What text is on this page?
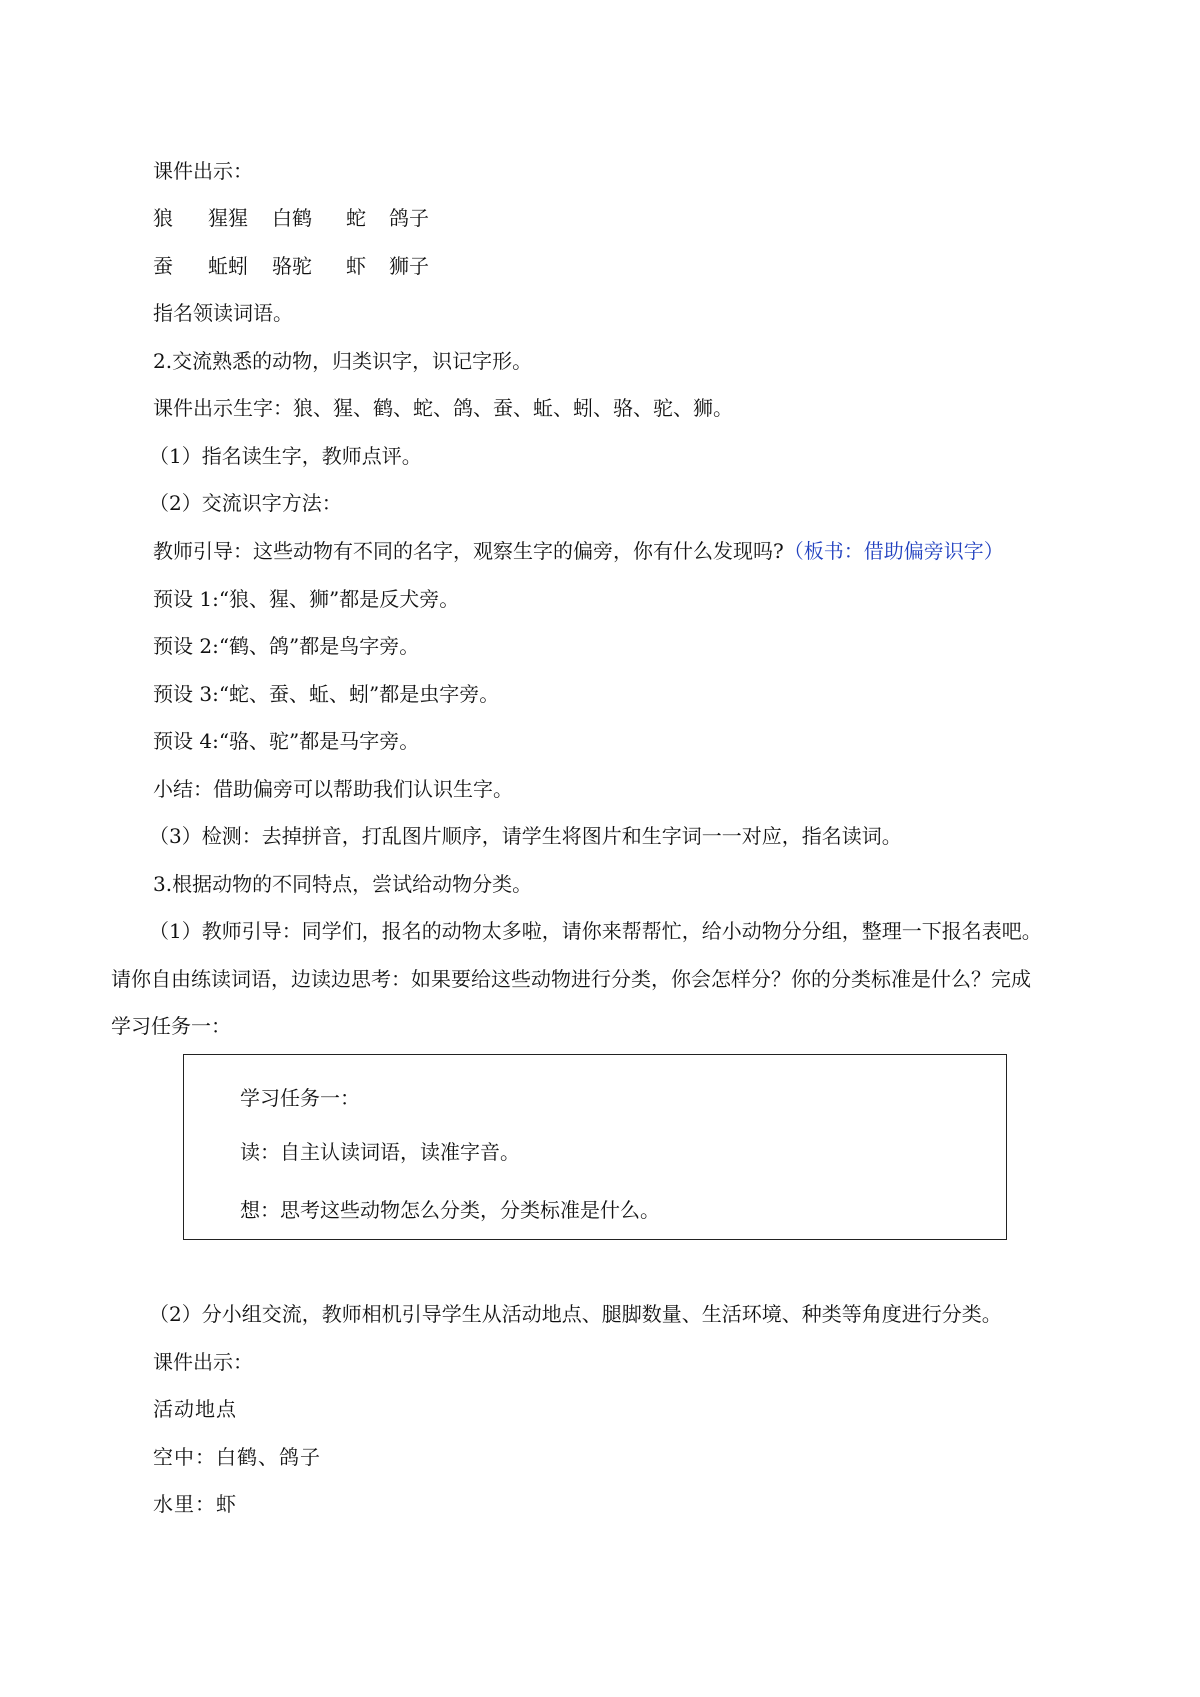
课件出示：
狼 猩猩 白鹤 蛇 鸽子
蚕 蚯蚓 骆驼 虾 狮子
指名领读词语。
2.交流熟悉的动物，归类识字，识记字形。
课件出示生字：狼、猩、鹤、蛇、鸽、蚕、蚯、蚓、骆、驼、狮。
（1）指名读生字，教师点评。
（2）交流识字方法：
教师引导：这些动物有不同的名字，观察生字的偏旁，你有什么发现吗?（板书：借助偏旁识字）
预设 1:“狼、猩、狮”都是反犬旁。
预设 2:“鹤、鸽”都是鸟字旁。
预设 3:“蛇、蚕、蚯、蚓”都是虫字旁。
预设 4:“骆、驼”都是马字旁。
小结：借助偏旁可以帮助我们认识生字。
（3）检测：去掉拼音，打乱图片顺序，请学生将图片和生字词一一对应，指名读词。
3.根据动物的不同特点，尝试给动物分类。
（1）教师引导：同学们，报名的动物太多啦，请你来帮帮忙，给小动物分分组，整理一下报名表吧。
请你自由练读词语，边读边思考：如果要给这些动物进行分类，你会怎样分？你的分类标准是什么？完成
学习任务一：
学习任务一：
读：自主认读词语，读准字音。
想：思考这些动物怎么分类，分类标准是什么。
（2）分小组交流，教师相机引导学生从活动地点、腿脚数量、生活环境、种类等角度进行分类。
课件出示：
活动地点
空中：白鹤、鸽子
水里：虾
